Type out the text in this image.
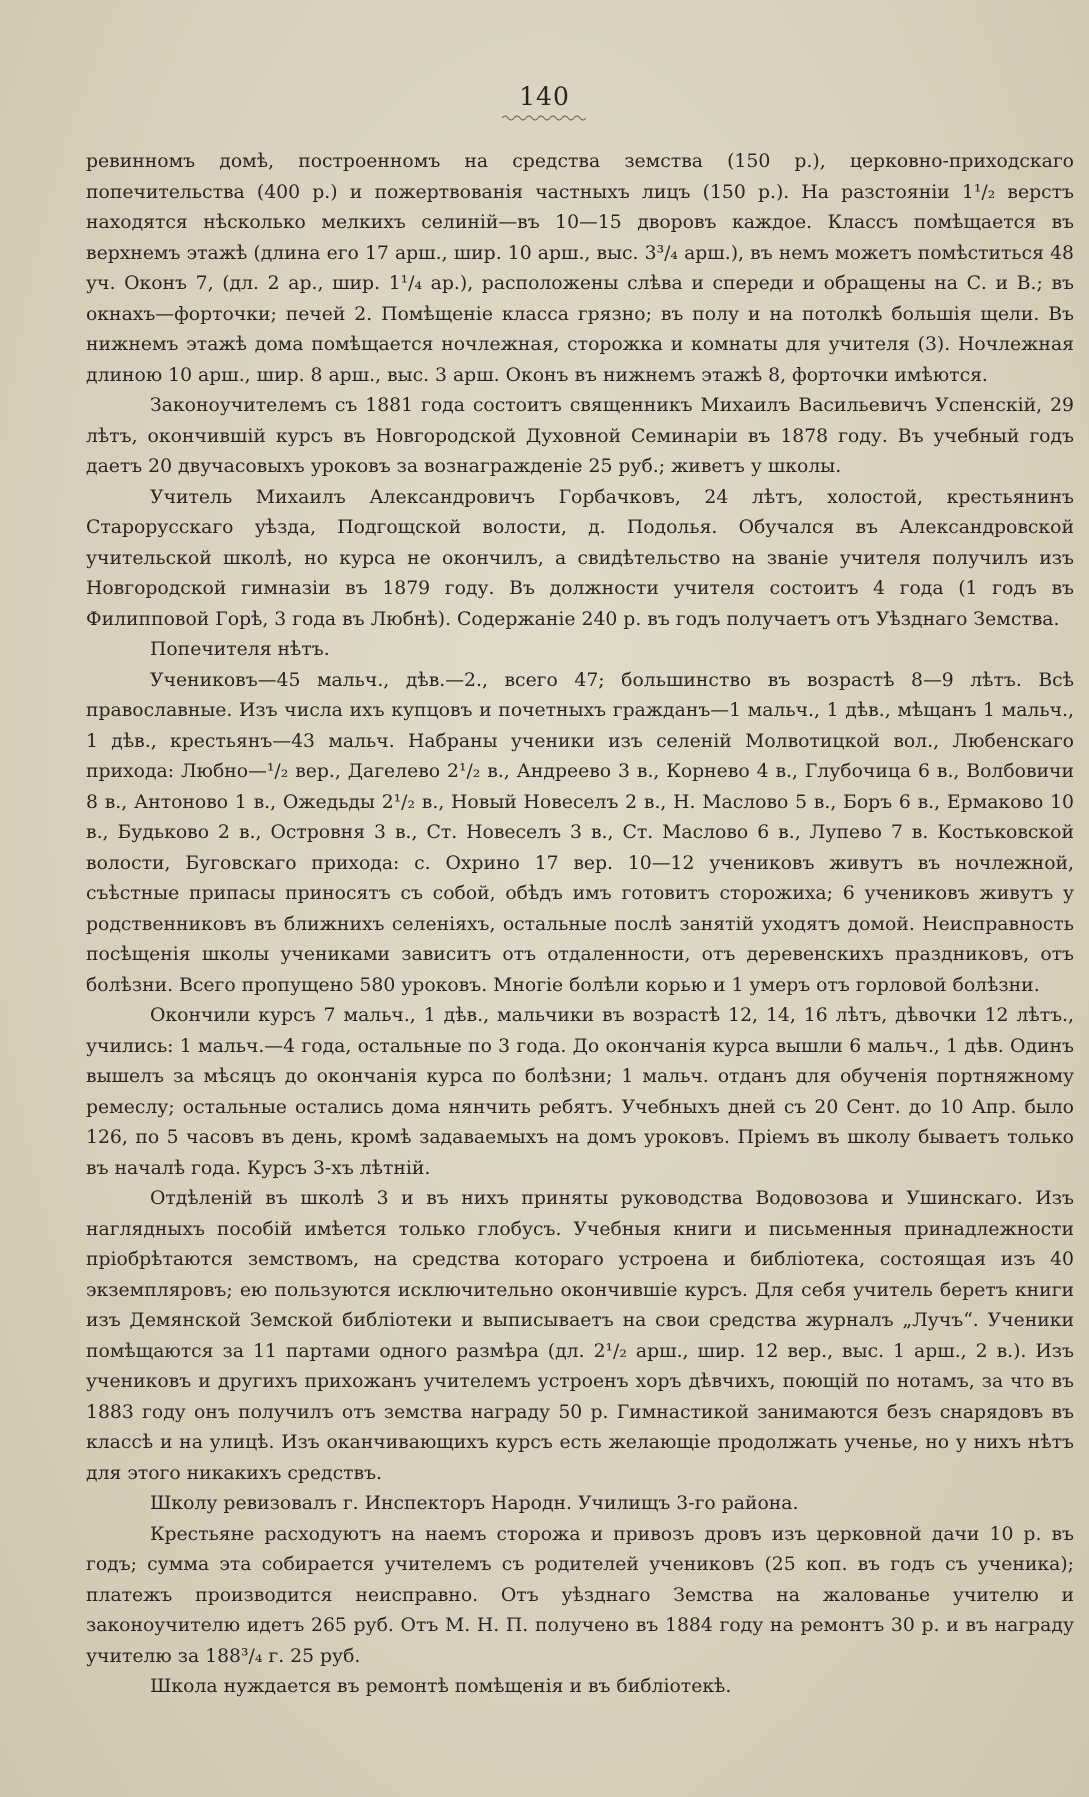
140

ревинномъ домѣ, построенномъ на средства земства (150 р.), церковно-приходскаго попечительства (400 р.) и пожертвованія частныхъ лицъ (150 р.). На разстояніи 1¹/₂ верстъ находятся нѣсколько мелкихъ селиній—въ 10—15 дворовъ каждое. Классъ помѣщается въ верхнемъ этажѣ (длина его 17 арш., шир. 10 арш., выс. 3³/₄ арш.), въ немъ можетъ помѣститься 48 уч. Оконъ 7, (дл. 2 ар., шир. 1¹/₄ ар.), расположены слѣва и спереди и обращены на С. и В.; въ окнахъ—форточки; печей 2. Помѣщеніе класса грязно; въ полу и на потолкѣ большія щели. Въ нижнемъ этажѣ дома помѣщается ночлежная, сторожка и комнаты для учителя (3). Ночлежная длиною 10 арш., шир. 8 арш., выс. 3 арш. Оконъ въ нижнемъ этажѣ 8, форточки имѣются.

Законоучителемъ съ 1881 года состоитъ священникъ Михаилъ Васильевичъ Успенскій, 29 лѣтъ, окончившій курсъ въ Новгородской Духовной Семинаріи въ 1878 году. Въ учебный годъ даетъ 20 двучасовыхъ уроковъ за вознагражденіе 25 руб.; живетъ у школы.

Учитель Михаилъ Александровичъ Горбачковъ, 24 лѣтъ, холостой, крестьянинъ Старорусскаго уѣзда, Подгощской волости, д. Подолья. Обучался въ Александровской учительской школѣ, но курса не окончилъ, а свидѣтельство на званіе учителя получилъ изъ Новгородской гимназіи въ 1879 году. Въ должности учителя состоитъ 4 года (1 годъ въ Филипповой Горѣ, 3 года въ Любнѣ). Содержаніе 240 р. въ годъ получаетъ отъ Уѣзднаго Земства.

Попечителя нѣтъ.

Учениковъ—45 мальч., дѣв.—2., всего 47; большинство въ возрастѣ 8—9 лѣтъ. Всѣ православные. Изъ числа ихъ купцовъ и почетныхъ гражданъ—1 мальч., 1 дѣв., мѣщанъ 1 мальч., 1 дѣв., крестьянъ—43 мальч. Набраны ученики изъ селеній Молвотицкой вол., Любенскаго прихода: Любно—¹/₂ вер., Дагелево 2¹/₂ в., Андреево 3 в., Корнево 4 в., Глубочица 6 в., Волбовичи 8 в., Антоново 1 в., Ожедьды 2¹/₂ в., Новый Новеселъ 2 в., Н. Маслово 5 в., Боръ 6 в., Ермаково 10 в., Будьково 2 в., Островня 3 в., Ст. Новеселъ 3 в., Ст. Маслово 6 в., Лупево 7 в. Костьковской волости, Буговскаго прихода: с. Охрино 17 вер. 10—12 учениковъ живутъ въ ночлежной, съѣстные припасы приносятъ съ собой, обѣдъ имъ готовитъ сторожиха; 6 учениковъ живутъ у родственниковъ въ ближнихъ селеніяхъ, остальные послѣ занятій уходятъ домой. Неисправность посѣщенія школы учениками зависитъ отъ отдаленности, отъ деревенскихъ праздниковъ, отъ болѣзни. Всего пропущено 580 уроковъ. Многіе болѣли корью и 1 умеръ отъ горловой болѣзни.

Окончили курсъ 7 мальч., 1 дѣв., мальчики въ возрастѣ 12, 14, 16 лѣтъ, дѣвочки 12 лѣтъ., учились: 1 мальч.—4 года, остальные по 3 года. До окончанія курса вышли 6 мальч., 1 дѣв. Одинъ вышелъ за мѣсяцъ до окончанія курса по болѣзни; 1 мальч. отданъ для обученія портняжному ремеслу; остальные остались дома нянчить ребятъ. Учебныхъ дней съ 20 Сент. до 10 Апр. было 126, по 5 часовъ въ день, кромѣ задаваемыхъ на домъ уроковъ. Пріемъ въ школу бываетъ только въ началѣ года. Курсъ 3-хъ лѣтній.

Отдѣленій въ школѣ 3 и въ нихъ приняты руководства Водовозова и Ушинскаго. Изъ наглядныхъ пособій имѣется только глобусъ. Учебныя книги и письменныя принадлежности пріобрѣтаются земствомъ, на средства котораго устроена и библіотека, состоящая изъ 40 экземпляровъ; ею пользуются исключительно окончившіе курсъ. Для себя учитель беретъ книги изъ Демянской Земской библіотеки и выписываетъ на свои средства журналъ „Лучъ“. Ученики помѣщаются за 11 партами одного размѣра (дл. 2¹/₂ арш., шир. 12 вер., выс. 1 арш., 2 в.). Изъ учениковъ и другихъ прихожанъ учителемъ устроенъ хоръ дѣвчихъ, поющій по нотамъ, за что въ 1883 году онъ получилъ отъ земства награду 50 р. Гимнастикой занимаются безъ снарядовъ въ классѣ и на улицѣ. Изъ оканчивающихъ курсъ есть желающіе продолжать ученье, но у нихъ нѣтъ для этого никакихъ средствъ.

Школу ревизовалъ г. Инспекторъ Народн. Училищъ 3-го района.

Крестьяне расходуютъ на наемъ сторожа и привозъ дровъ изъ церковной дачи 10 р. въ годъ; сумма эта собирается учителемъ съ родителей учениковъ (25 коп. въ годъ съ ученика); платежъ производится неисправно. Отъ уѣзднаго Земства на жалованье учителю и законоучителю идетъ 265 руб. Отъ М. Н. П. получено въ 1884 году на ремонтъ 30 р. и въ награду учителю за 188³/₄ г. 25 руб.

Школа нуждается въ ремонтѣ помѣщенія и въ библіотекѣ.
